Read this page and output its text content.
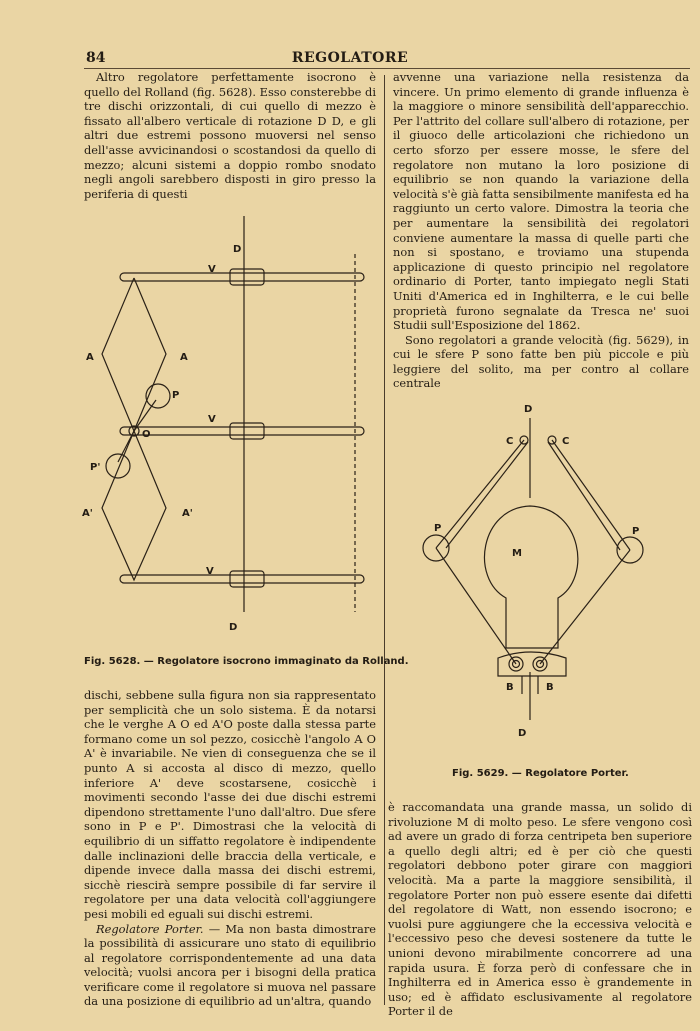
84	REGOLATORE

Altro regolatore perfettamente isocrono è quello del Rolland (fig. 5628). Esso consterebbe di tre dischi orizzontali, di cui quello di mezzo è fissato all'albero verticale di rotazione D D, e gli altri due estremi possono muoversi nel senso dell'asse avvicinandosi o scostandosi da quello di mezzo; alcuni sistemi a doppio rombo snodato negli angoli sarebbero disposti in giro presso la periferia di questi

D
V
A	A
P
V
O
P'
A'	A'
V
D
Fig. 5628. — Regolatore isocrono immaginato da Rolland.

dischi, sebbene sulla figura non sia rappresentato per semplicità che un solo sistema. È da notarsi che le verghe A O ed A'O poste dalla stessa parte formano come un sol pezzo, cosicchè l'angolo A O A' è invariabile. Ne vien di conseguenza che se il punto A si accosta al disco di mezzo, quello inferiore A' deve scostarsene, cosicchè i movimenti secondo l'asse dei due dischi estremi dipendono strettamente l'uno dall'altro. Due sfere sono in P e P'. Dimostrasi che la velocità di equilibrio di un siffatto regolatore è indipendente dalle inclinazioni delle braccia della verticale, e dipende invece dalla massa dei dischi estremi, sicchè riescirà sempre possibile di far servire il regolatore per una data velocità coll'aggiungere pesi mobili ed eguali sui dischi estremi.

Regolatore Porter. — Ma non basta dimostrare la possibilità di assicurare uno stato di equilibrio al regolatore corrispondentemente ad una data velocità; vuolsi ancora per i bisogni della pratica verificare come il regolatore si muova nel passare da una posizione di equilibrio ad un'altra, quando

avvenne una variazione nella resistenza da vincere. Un primo elemento di grande influenza è la maggiore o minore sensibilità dell'apparecchio. Per l'attrito del collare sull'albero di rotazione, per il giuoco delle articolazioni che richiedono un certo sforzo per essere mosse, le sfere del regolatore non mutano la loro posizione di equilibrio se non quando la variazione della velocità s'è già fatta sensibilmente manifesta ed ha raggiunto un certo valore. Dimostra la teoria che per aumentare la sensibilità dei regolatori conviene aumentare la massa di quelle parti che non si spostano, e troviamo una stupenda applicazione di questo principio nel regolatore ordinario di Porter, tanto impiegato negli Stati Uniti d'America ed in Inghilterra, e le cui belle proprietà furono segnalate da Tresca ne' suoi Studii sull'Esposizione del 1862.

Sono regolatori a grande velocità (fig. 5629), in cui le sfere P sono fatte ben più piccole e più leggiere del solito, ma per contro al collare centrale

D
C	C
P	P
M
B	B
D
Fig. 5629. — Regolatore Porter.

è raccomandata una grande massa, un solido di rivoluzione M di molto peso. Le sfere vengono così ad avere un grado di forza centripeta ben superiore a quello degli altri; ed è per ciò che questi regolatori debbono poter girare con maggiori velocità. Ma a parte la maggiore sensibilità, il regolatore Porter non può essere esente dai difetti del regolatore di Watt, non essendo isocrono; e vuolsi pure aggiungere che la eccessiva velocità e l'eccessivo peso che devesi sostenere da tutte le unioni devono mirabilmente concorrere ad una rapida usura. È forza però di confessare che in Inghilterra ed in America esso è grandemente in uso; ed è affidato esclusivamente al regolatore Porter il de
